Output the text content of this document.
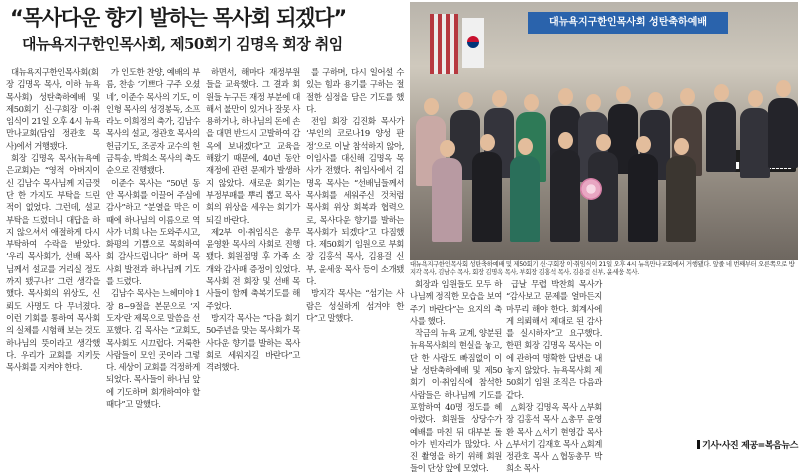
“목사다운 향기 발하는 목사회 되겠다”
대뉴욕지구한인목사회, 제50회기 김명옥 회장 취임

대뉴욕지구한인목사회(회장 김명옥 목사, 이하 뉴욕목사회) 성탄축하예배 및 제50회기 신·구회장 이·취임식이 21일 오후 4시 뉴욕만나교회(담임 정관호 목사)에서 거행됐다.

회장 김명옥 목사(뉴욕예은교회)는 “영적 아버지이신 김남수 목사님께 지금껏 단 한 가지도 부탁을 드린 적이 없었다. 그런데, 설교 부탁을 드렸더니 대답을 하지 않으셔서 애절하게 다시 부탁하여 수락을 받았다. ‘우리 목사회가, 선배 목사님께서 설교를 거리실 정도까지 됐구나!’ 그런 생각을 했다. 목사회의 위상도, 신뢰도 사명도 다 무너졌다. 이런 기회를 통하여 목사회의 실체를 시험해 보는 것도 하나님의 뜻이라고 생각했다. 우리가 교회를 지키듯 목사회를 지켜야 한다.

가 인도한 찬양, 예배의 부름, 찬송 ‘기쁘다 구주 오셨네’, 이준수 목사의 기도, 이인형 목사의 성경봉독, 소프라노 이희정의 축가, 김남수 목사의 설교, 정관호 목사의 헌금기도, 조공자 교수의 헌금특송, 박희소 목사의 축도 순으로 진행됐다.

이준수 목사는 “50년 동안 목사회를 이끌어 주심에 감사”하고 “분열을 막은 이 때에 하나님의 이름으로 역사가 너희 나는 도와주시고, 화평의 기쁨으로 목회하여 회 감사드립니다” 하며 목사회 발전과 하나님께 기도를 드렸다.

김남수 목사는 느헤미야 1장 8~9절을 본문으로 ‘지도자’란 제목으로 말씀을 선포했다. 김 목사는 “교회도, 목사회도 시끄럽다. 거룩한 사람들이 모인 곳이라 그렇다. 세상이 교회를 걱정하게 되었다. 목사들이 하나님 앞에 기도하며 회개하여야 할 때다”고 말했다.

하면서, 해마다 재정부원들을 교육했다. 그 결과 회원들 누구든 재정 부분에 대해서 불만이 있거나 잘못 사용하거나, 하나님의 돈에 손을 대면 반드시 고발하여 감옥에 보내겠다”고 교육을 해왔기 때문에, 40년 동안 재정에 관련 문제가 발생하지 않았다. 새로운 회기는 부정부패를 뿌리 뽑고 목사회의 위상을 세우는 회기가 되길 바란다.

제2부 이·취임식은 총무 윤영환 목사의 사회로 진행됐다. 회원점명 후 가족 소개와 감사패 증정이 있었다. 목사회 전 회장 및 선배 목사들이 함께 축복기도를 해주었다.

방지각 목사는 “다음 회기 50주년을 맞는 목사회가 목사다운 향기를 발하는 목사회로 세워지길 바란다”고 격려했다.

를 구하며, 다시 일어설 수 있는 힘과 용기를 구하는 절절한 심정을 담은 기도를 했다.

전임 회장 김진화 목사가 ‘부인의 코로나19 양성 판정’으로 이날 참석하지 않아, 이임사를 대신해 김명옥 목사가 전했다. 취임사에서 김명옥 목사는 “선배님들께서 목사회를 세워주신 것처럼 목사회 위상 회복과 협력으로, 목사다운 향기를 발하는 목사회가 되겠다”고 다짐했다. 제50회기 임원으로 부회장 김홍석 목사, 김용걸 신부, 윤세웅 목사 등이 소개됐다.

방지각 목사는 “섬기는 사람은 성실하게 섬겨야 한다”고 말했다.

대뉴욕지구한인목사회 성탄축하예배
대뉴욕지구한인목사회 성탄축하예배 및 제50회기 신·구회장 이·취임식이 21일 오후 4시 뉴욕만나교회에서 거행됐다. 앞줄 네 번째부터 오른쪽으로 방지각 목사, 김남수 목사, 회장 김명옥 목사, 부회장 김홍석 목사, 김용걸 신부, 윤세웅 목사.

회장과 임원들도 모두 하나님께 정직한 모습을 보여주기 바란다”는 요지의 축사를 했다.

작금의 뉴욕 교계, 양분된 뉴욕목사회의 현실을 놓고, 단 한 사람도 빠짐없이 이날 성탄축하예배 및 제50회기 이·취임식에 참석한 사람들은 하나님께 기도를 포함하여 40명 정도를 헤아렸다. 회원들 상당수가 예배를 마친 뒤 대부분 돌아가 빈자리가 많았다. 사진 촬영을 하기 위해 회원들이 단상 앞에 모였다.

급날 무렵 박찬희 목사가 “감사보고 문제를 얼마든지 마무리 해야 한다. 회계사에게 의뢰해서 제대로 된 감사를 실시하자”고 요구했다. 한편 회장 김명옥 목사는 이에 관하여 명확한 답변을 내놓지 않았다. 뉴욕목사회 제50회기 임원 조직은 다음과 같다.

△회장 김명옥 목사 △부회장 김홍석 목사 △총무 윤영환 목사 △서기 현영갑 목사 △부서기 김재호 목사 △회계 정관호 목사 △협동총무 박희소 목사

기사·사진 제공=복음뉴스
